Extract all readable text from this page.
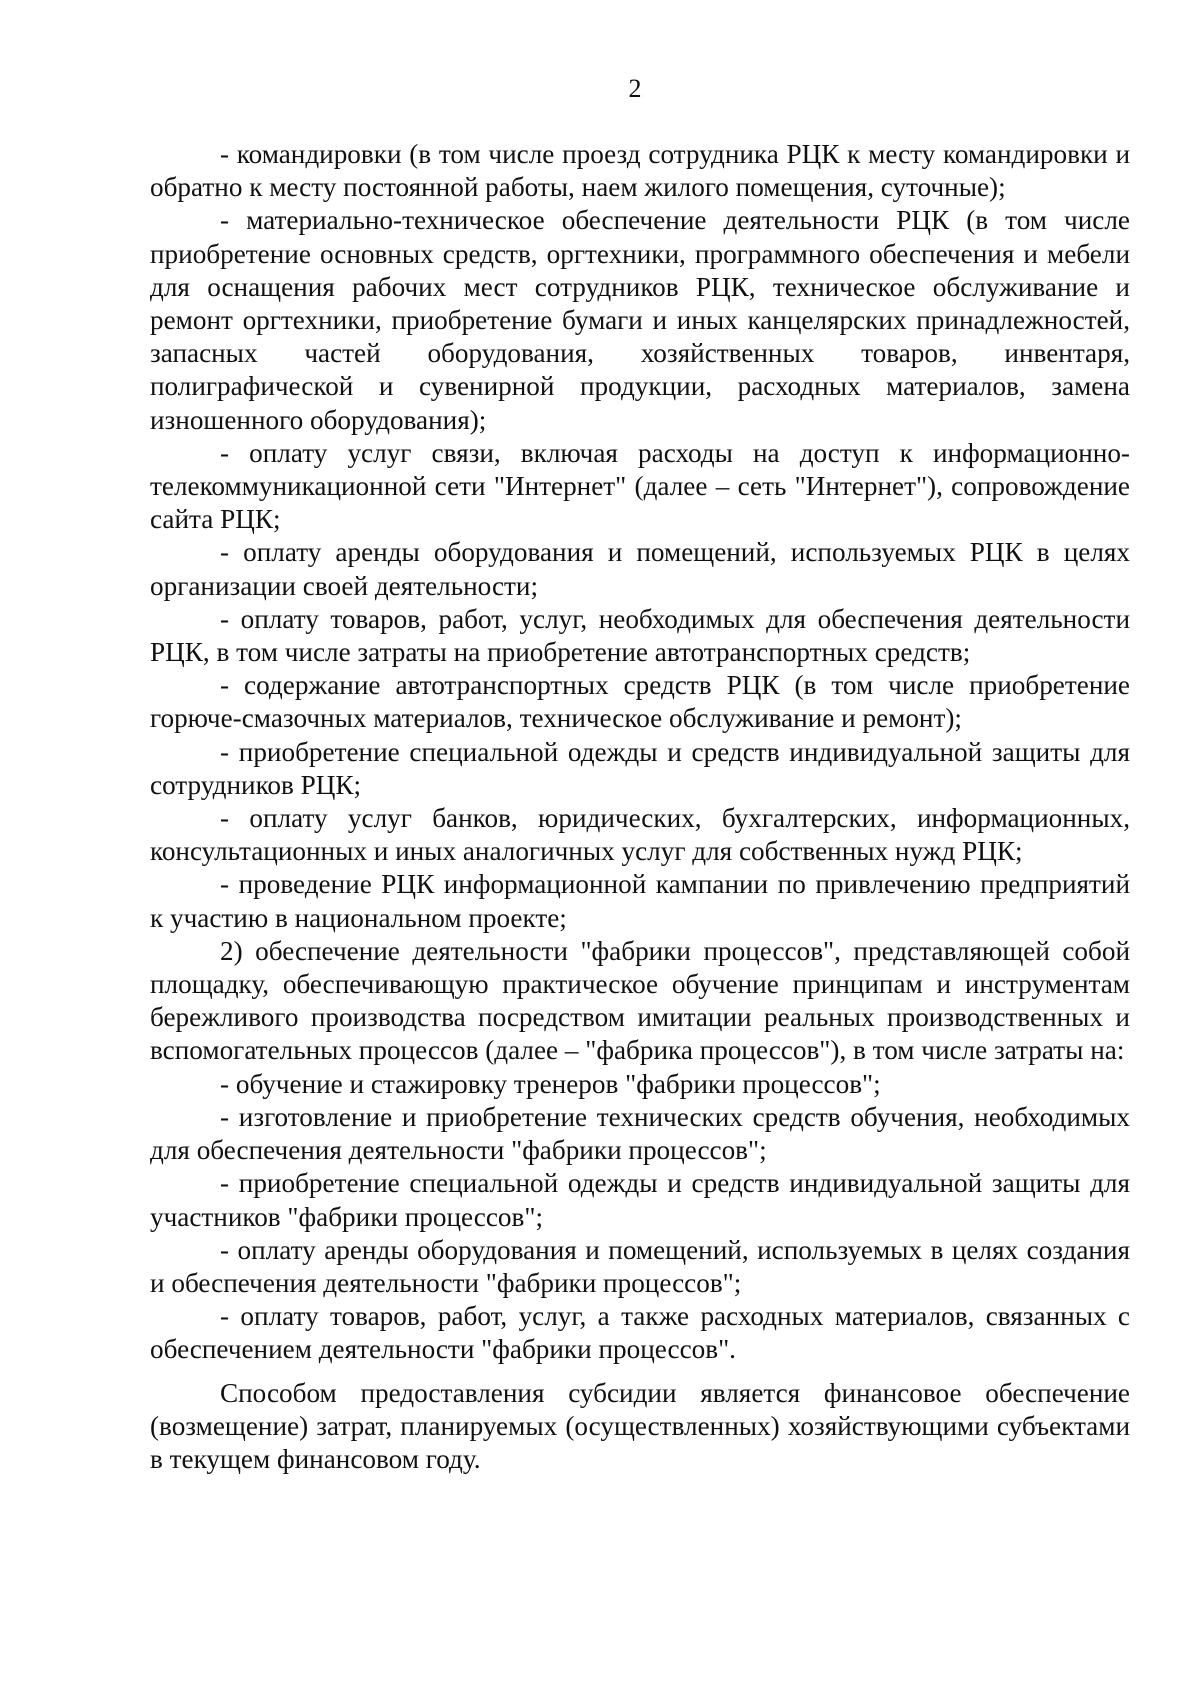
2

- командировки (в том числе проезд сотрудника РЦК к месту командировки и обратно к месту постоянной работы, наем жилого помещения, суточные);

- материально-техническое обеспечение деятельности РЦК (в том числе приобретение основных средств, оргтехники, программного обеспечения и мебели для оснащения рабочих мест сотрудников РЦК, техническое обслуживание и ремонт оргтехники, приобретение бумаги и иных канцелярских принадлежностей, запасных частей оборудования, хозяйственных товаров, инвентаря, полиграфической и сувенирной продукции, расходных материалов, замена изношенного оборудования);

- оплату услуг связи, включая расходы на доступ к информационно-телекоммуникационной сети "Интернет" (далее – сеть "Интернет"), сопровождение сайта РЦК;

- оплату аренды оборудования и помещений, используемых РЦК в целях организации своей деятельности;

- оплату товаров, работ, услуг, необходимых для обеспечения деятельности РЦК, в том числе затраты на приобретение автотранспортных средств;

- содержание автотранспортных средств РЦК (в том числе приобретение горюче-смазочных материалов, техническое обслуживание и ремонт);

- приобретение специальной одежды и средств индивидуальной защиты для сотрудников РЦК;

- оплату услуг банков, юридических, бухгалтерских, информационных, консультационных и иных аналогичных услуг для собственных нужд РЦК;

- проведение РЦК информационной кампании по привлечению предприятий к участию в национальном проекте;

2) обеспечение деятельности "фабрики процессов", представляющей собой площадку, обеспечивающую практическое обучение принципам и инструментам бережливого производства посредством имитации реальных производственных и вспомогательных процессов (далее – "фабрика процессов"), в том числе затраты на:

- обучение и стажировку тренеров "фабрики процессов";

- изготовление и приобретение технических средств обучения, необходимых для обеспечения деятельности "фабрики процессов";

- приобретение специальной одежды и средств индивидуальной защиты для участников "фабрики процессов";

- оплату аренды оборудования и помещений, используемых в целях создания и обеспечения деятельности "фабрики процессов";

- оплату товаров, работ, услуг, а также расходных материалов, связанных с обеспечением деятельности "фабрики процессов".

Способом предоставления субсидии является финансовое обеспечение (возмещение) затрат, планируемых (осуществленных) хозяйствующими субъектами в текущем финансовом году.
